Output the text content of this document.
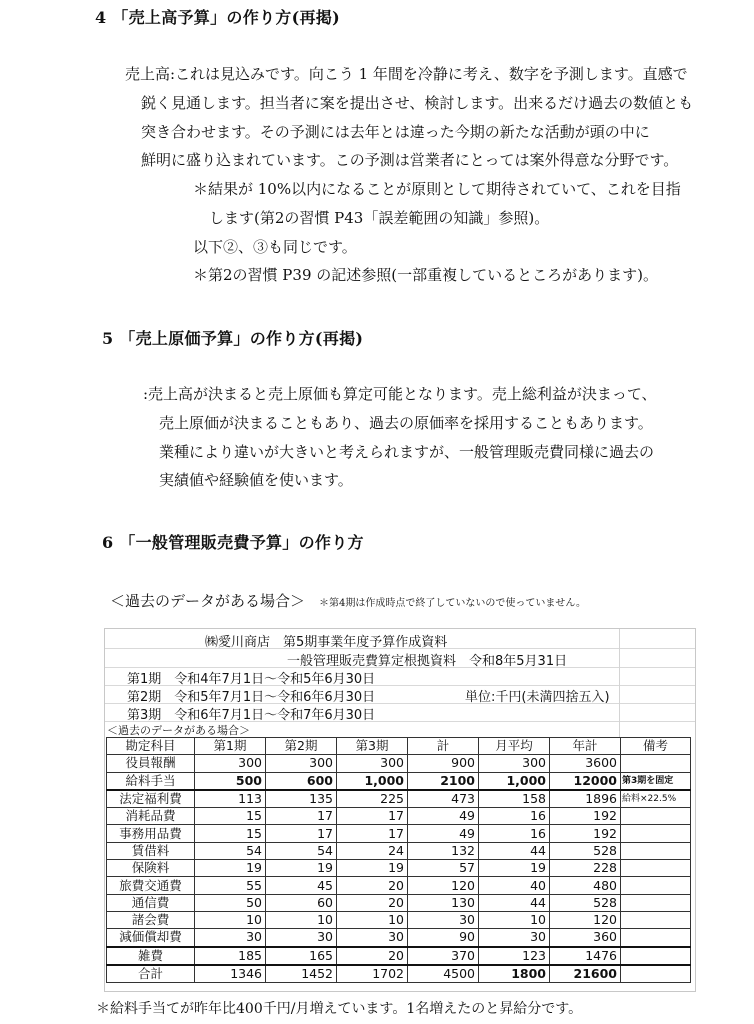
4 「売上高予算」の作り方(再掲)
売上高:これは見込みです。向こう 1 年間を冷静に考え、数字を予測します。直感で
鋭く見通します。担当者に案を提出させ、検討します。出来るだけ過去の数値とも
突き合わせます。その予測には去年とは違った今期の新たな活動が頭の中に
鮮明に盛り込まれています。この予測は営業者にとっては案外得意な分野です。
＊結果が 10%以内になることが原則として期待されていて、これを目指
します(第2の習慣 P43「誤差範囲の知識」参照)。
以下②、③も同じです。
＊第2の習慣 P39 の記述参照(一部重複しているところがあります)。
5 「売上原価予算」の作り方(再掲)
:売上高が決まると売上原価も算定可能となります。売上総利益が決まって、
売上原価が決まることもあり、過去の原価率を採用することもあります。
業種により違いが大きいと考えられますが、一般管理販売費同様に過去の
実績値や経験値を使います。
6 「一般管理販売費予算」の作り方
＜過去のデータがある場合＞ ＊第4期は作成時点で終了していないので使っていません。
㈱愛川商店　第5期事業年度予算作成資料
一般管理販売費算定根拠資料　令和8年5月31日
第1期　令和4年7月1日～令和5年6月30日
第2期　令和5年7月1日～令和6年6月30日	単位:千円(未満四捨五入)
第3期　令和6年7月1日～令和7年6月30日
＜過去のデータがある場合＞
勘定科目	第1期	第2期	第3期	計	月平均	年計	備考
役員報酬	300	300	300	900	300	3600	
給料手当	500	600	1,000	2100	1,000	12000	第3期を固定
法定福利費	113	135	225	473	158	1896	給料×22.5%
消耗品費	15	17	17	49	16	192	
事務用品費	15	17	17	49	16	192	
賃借料	54	54	24	132	44	528	
保険料	19	19	19	57	19	228	
旅費交通費	55	45	20	120	40	480	
通信費	50	60	20	130	44	528	
諸会費	10	10	10	30	10	120	
減価償却費	30	30	30	90	30	360	
雑費	185	165	20	370	123	1476	
合計	1346	1452	1702	4500	1800	21600	
＊給料手当てが昨年比400千円/月増えています。1名増えたのと昇給分です。
